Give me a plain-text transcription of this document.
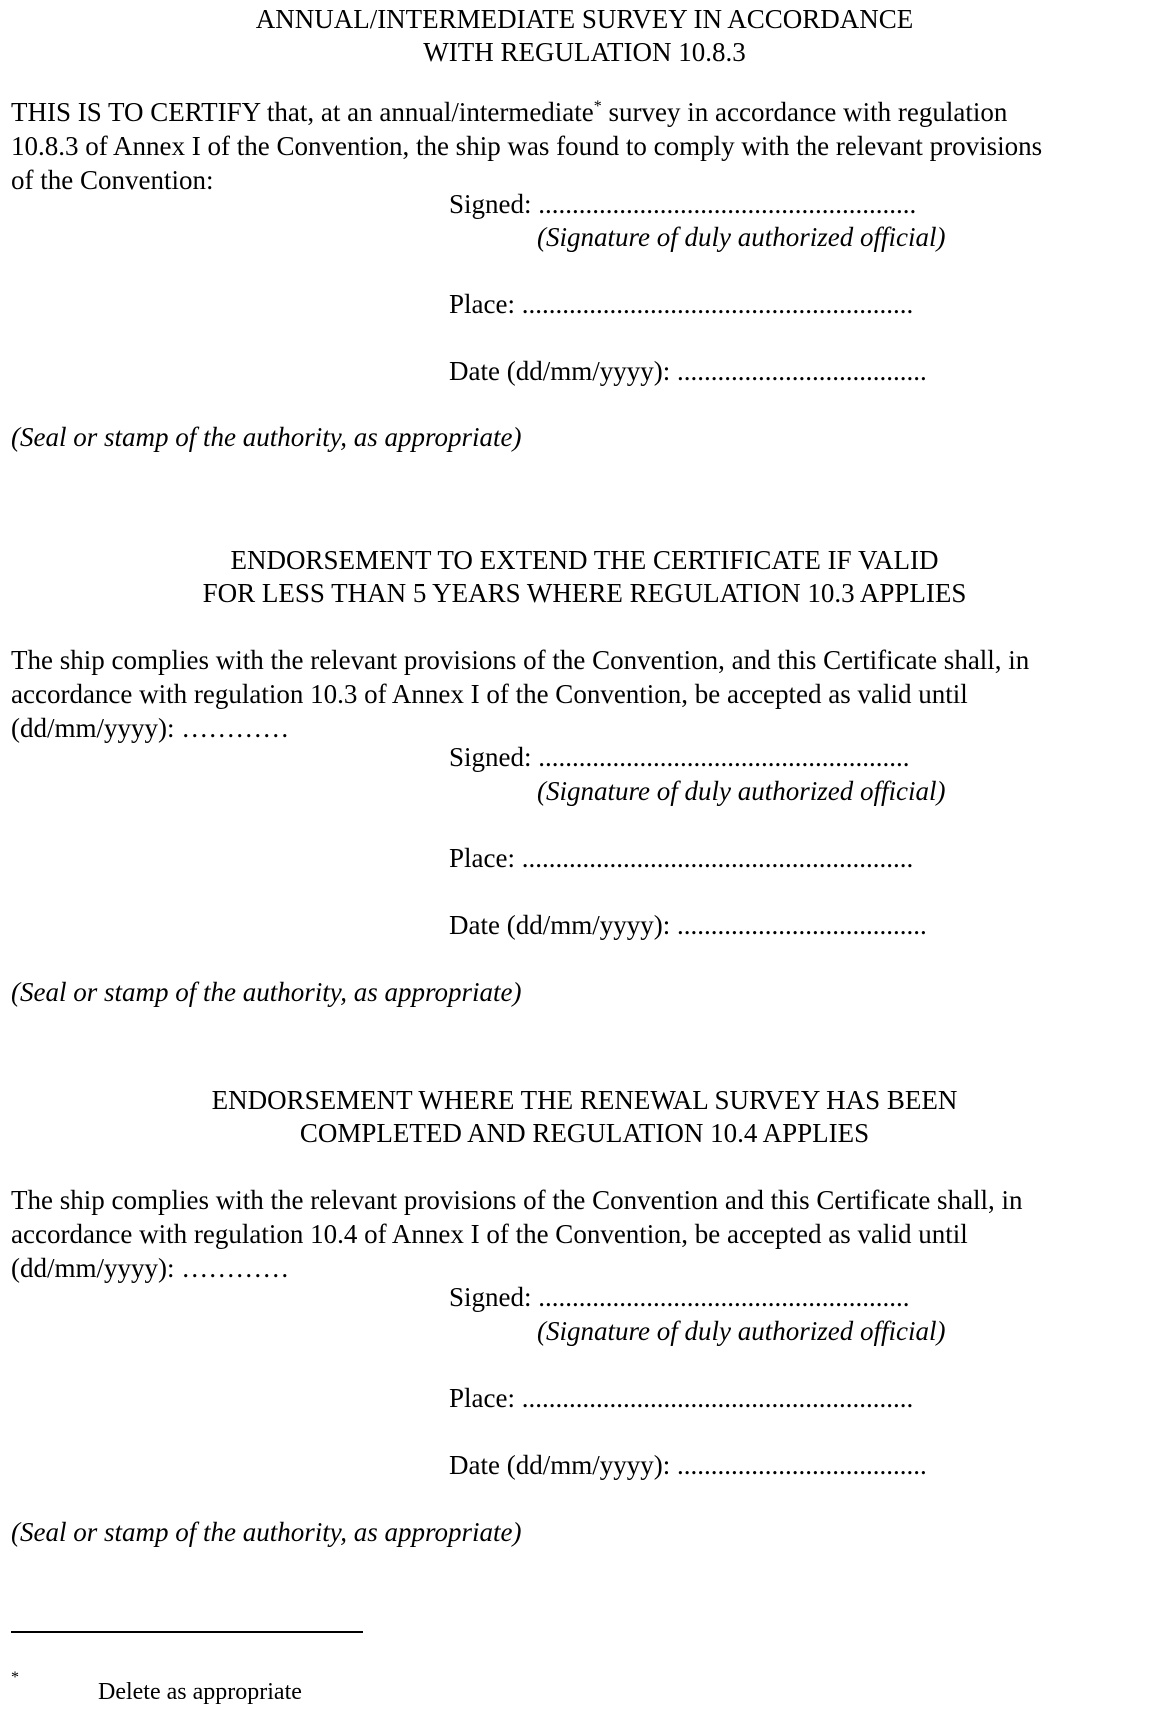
ANNUAL/INTERMEDIATE SURVEY IN ACCORDANCE
WITH REGULATION 10.8.3
THIS IS TO CERTIFY that, at an annual/intermediate* survey in accordance with regulation
10.8.3 of Annex I of the Convention, the ship was found to comply with the relevant provisions
of the Convention:
Signed: ........................................................
(Signature of duly authorized official)
Place: ..........................................................
Date (dd/mm/yyyy): .....................................
(Seal or stamp of the authority, as appropriate)
ENDORSEMENT TO EXTEND THE CERTIFICATE IF VALID
FOR LESS THAN 5 YEARS WHERE REGULATION 10.3 APPLIES
The ship complies with the relevant provisions of the Convention, and this Certificate shall, in
accordance with regulation 10.3 of Annex I of the Convention, be accepted as valid until
(dd/mm/yyyy): …………
Signed: .......................................................
(Signature of duly authorized official)
Place: ..........................................................
Date (dd/mm/yyyy): .....................................
(Seal or stamp of the authority, as appropriate)
ENDORSEMENT WHERE THE RENEWAL SURVEY HAS BEEN
COMPLETED AND REGULATION 10.4 APPLIES
The ship complies with the relevant provisions of the Convention and this Certificate shall, in
accordance with regulation 10.4 of Annex I of the Convention, be accepted as valid until
(dd/mm/yyyy): …………
Signed: .......................................................
(Signature of duly authorized official)
Place: ..........................................................
Date (dd/mm/yyyy): .....................................
(Seal or stamp of the authority, as appropriate)
*
Delete as appropriate
